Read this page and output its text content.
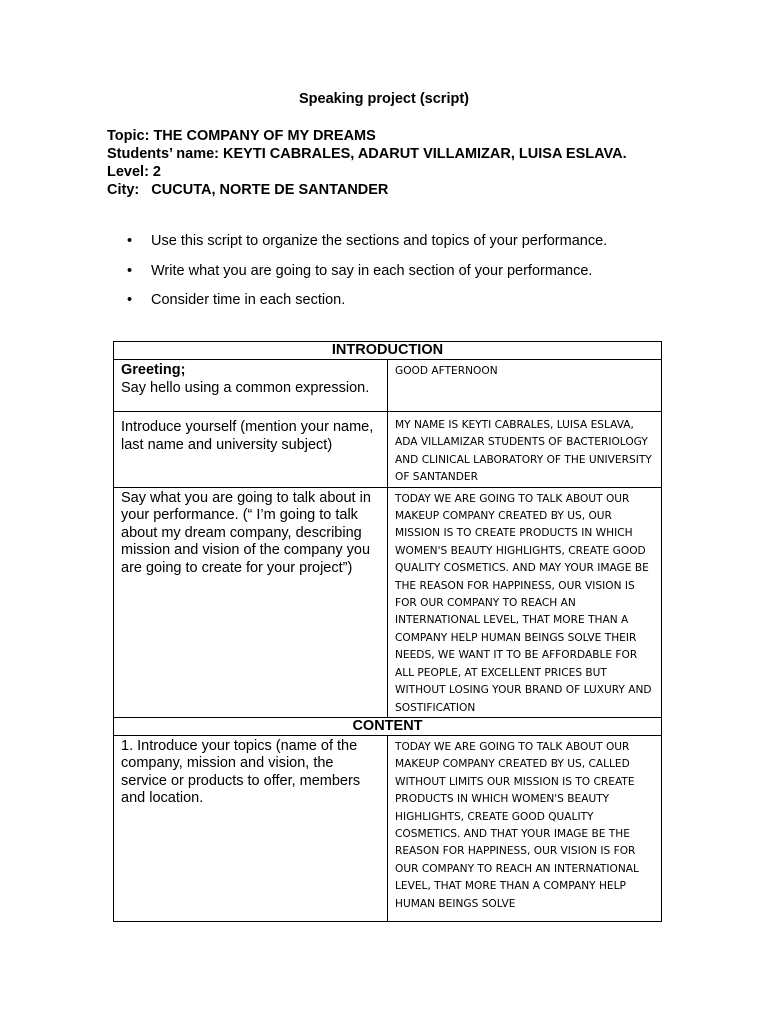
Speaking project (script)
Topic: THE COMPANY OF MY DREAMS
Students’ name: KEYTI CABRALES, ADARUT VILLAMIZAR, LUISA ESLAVA.
Level: 2
City:   CUCUTA, NORTE DE SANTANDER
• Use this script to organize the sections and topics of your performance.
• Write what you are going to say in each section of your performance.
• Consider time in each section.
INTRODUCTION	

Greeting;
Say hello using a common expression.	GOOD AFTERNOON
Introduce yourself (mention your name, last name and university subject)	MY NAME IS KEYTI CABRALES, LUISA ESLAVA, ADA VILLAMIZAR STUDENTS OF BACTERIOLOGY AND CLINICAL LABORATORY OF THE UNIVERSITY OF SANTANDER
Say what you are going to talk about in your performance. (“ I’m going to talk about my dream company, describing mission and vision of the company you are going to create for your project”)	TODAY WE ARE GOING TO TALK ABOUT OUR MAKEUP COMPANY CREATED BY US, OUR MISSION IS TO CREATE PRODUCTS IN WHICH WOMEN'S BEAUTY HIGHLIGHTS, CREATE GOOD QUALITY COSMETICS. AND MAY YOUR IMAGE BE THE REASON FOR HAPPINESS, OUR VISION IS FOR OUR COMPANY TO REACH AN INTERNATIONAL LEVEL, THAT MORE THAN A COMPANY HELP HUMAN BEINGS SOLVE THEIR NEEDS, WE WANT IT TO BE AFFORDABLE FOR ALL PEOPLE, AT EXCELLENT PRICES BUT WITHOUT LOSING YOUR BRAND OF LUXURY AND SOSTIFICATION
CONTENT	
1. Introduce your topics (name of the company, mission and vision, the service or products to offer, members and location.	TODAY WE ARE GOING TO TALK ABOUT OUR MAKEUP COMPANY CREATED BY US, CALLED WITHOUT LIMITS OUR MISSION IS TO CREATE PRODUCTS IN WHICH WOMEN'S BEAUTY HIGHLIGHTS, CREATE GOOD QUALITY COSMETICS. AND THAT YOUR IMAGE BE THE REASON FOR HAPPINESS, OUR VISION IS FOR OUR COMPANY TO REACH AN INTERNATIONAL LEVEL, THAT MORE THAN A COMPANY HELP HUMAN BEINGS SOLVE
